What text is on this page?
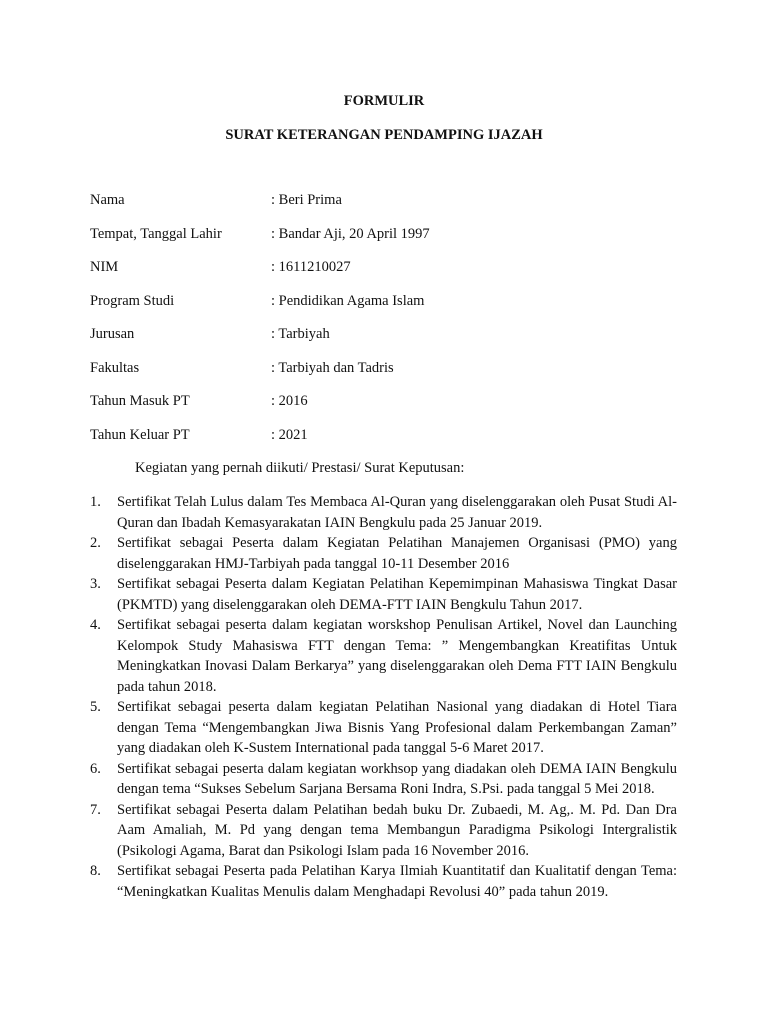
FORMULIR
SURAT KETERANGAN PENDAMPING IJAZAH
Nama	: Beri Prima
Tempat, Tanggal Lahir	: Bandar Aji, 20 April 1997
NIM	: 1611210027
Program Studi	: Pendidikan Agama Islam
Jurusan	: Tarbiyah
Fakultas	: Tarbiyah dan Tadris
Tahun Masuk PT	: 2016
Tahun Keluar PT	: 2021

Kegiatan yang pernah diikuti/ Prestasi/ Surat Keputusan:

1. Sertifikat Telah Lulus dalam Tes Membaca Al-Quran yang diselenggarakan oleh Pusat Studi Al-Quran dan Ibadah Kemasyarakatan IAIN Bengkulu pada 25 Januar 2019.
2. Sertifikat sebagai Peserta dalam Kegiatan Pelatihan Manajemen Organisasi (PMO) yang diselenggarakan HMJ-Tarbiyah pada tanggal 10-11 Desember 2016
3. Sertifikat sebagai Peserta dalam Kegiatan Pelatihan Kepemimpinan Mahasiswa Tingkat Dasar (PKMTD) yang diselenggarakan oleh DEMA-FTT IAIN Bengkulu Tahun 2017.
4. Sertifikat sebagai peserta dalam kegiatan worskshop Penulisan Artikel, Novel dan Launching Kelompok Study Mahasiswa FTT dengan Tema: ” Mengembangkan Kreatifitas Untuk Meningkatkan Inovasi Dalam Berkarya” yang diselenggarakan oleh Dema FTT IAIN Bengkulu pada tahun 2018.
5. Sertifikat sebagai peserta dalam kegiatan Pelatihan Nasional yang diadakan di Hotel Tiara dengan Tema “Mengembangkan Jiwa Bisnis Yang Profesional dalam Perkembangan Zaman” yang diadakan oleh K-Sustem International pada tanggal 5-6 Maret 2017.
6. Sertifikat sebagai peserta dalam kegiatan workhsop yang diadakan oleh DEMA IAIN Bengkulu dengan tema “Sukses Sebelum Sarjana Bersama Roni Indra, S.Psi. pada tanggal 5 Mei 2018.
7. Sertifikat sebagai Peserta dalam Pelatihan bedah buku Dr. Zubaedi, M. Ag,. M. Pd. Dan Dra Aam Amaliah, M. Pd yang dengan tema Membangun Paradigma Psikologi Intergralistik (Psikologi Agama, Barat dan Psikologi Islam pada 16 November 2016.
8. Sertifikat sebagai Peserta pada Pelatihan Karya Ilmiah Kuantitatif dan Kualitatif dengan Tema: “Meningkatkan Kualitas Menulis dalam Menghadapi Revolusi 40” pada tahun 2019.
